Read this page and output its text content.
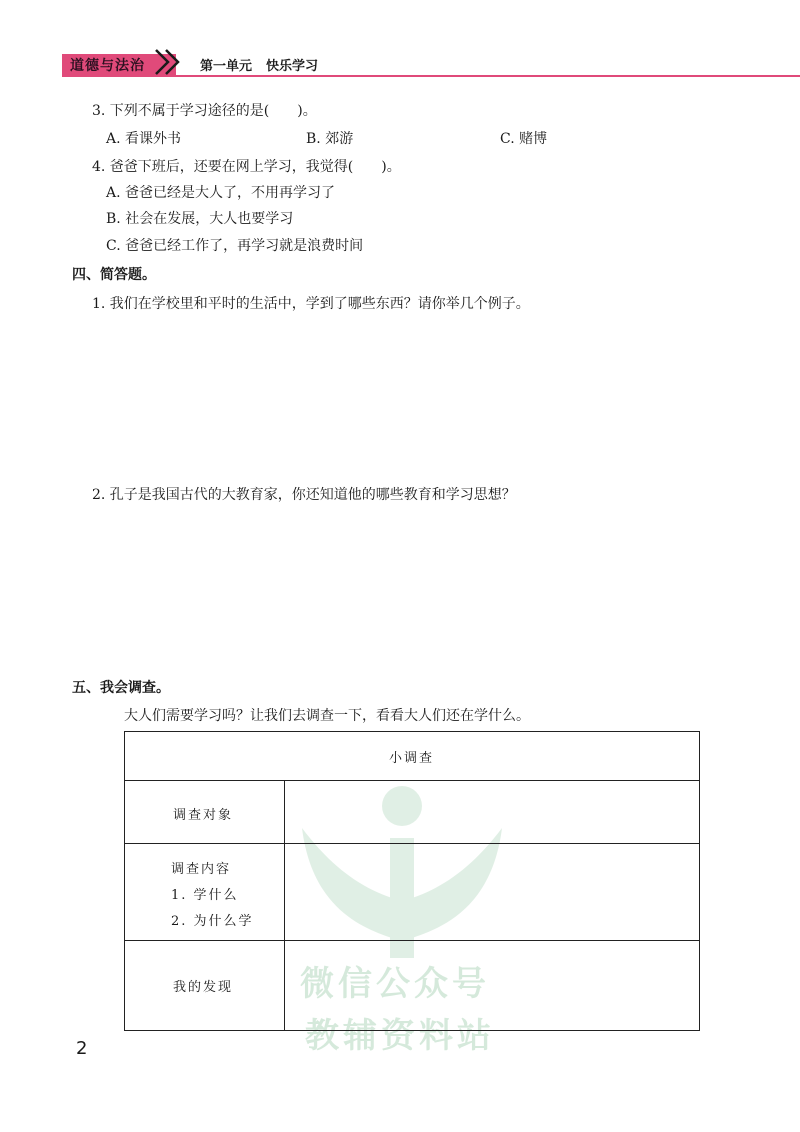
道德与法治	第一单元 快乐学习
3. 下列不属于学习途径的是(　　)。
A. 看课外书	B. 郊游	C. 赌博
4. 爸爸下班后，还要在网上学习，我觉得(　　)。
A. 爸爸已经是大人了，不用再学习了
B. 社会在发展，大人也要学习
C. 爸爸已经工作了，再学习就是浪费时间
四、简答题。
1. 我们在学校里和平时的生活中，学到了哪些东西？请你举几个例子。
2. 孔子是我国古代的大教育家，你还知道他的哪些教育和学习思想？
五、我会调查。
大人们需要学习吗？让我们去调查一下，看看大人们还在学什么。
微信公众号
教辅资料站
小调查
调查对象
调查内容
1. 学什么
2. 为什么学
我的发现
2
